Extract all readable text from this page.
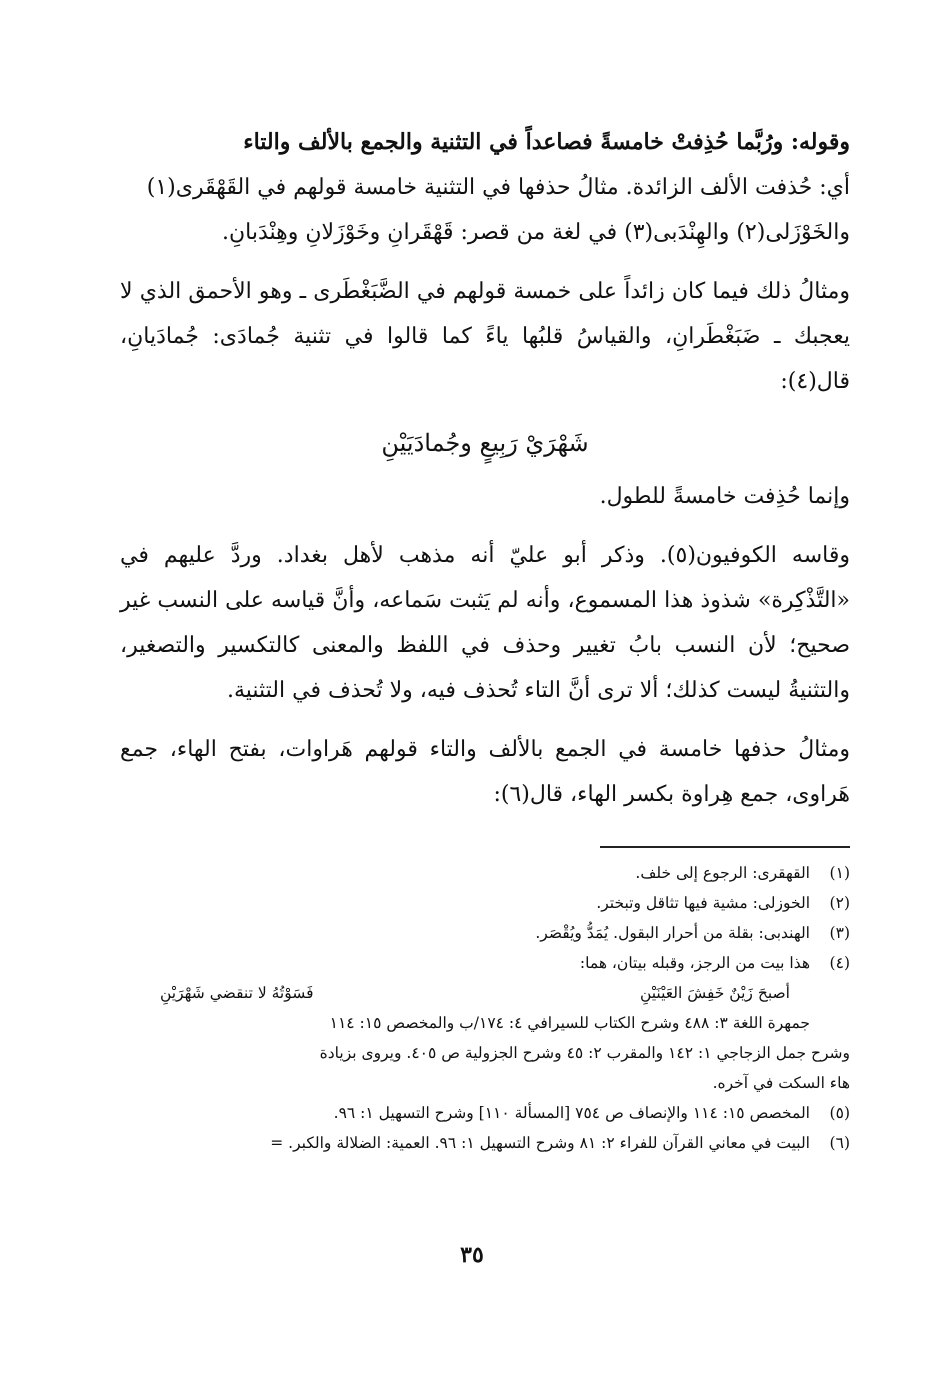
وقوله: ورُبَّما حُذِفتْ خامسةً فصاعداً في التثنية والجمع بالألف والتاء
أي: حُذفت الألف الزائدة. مثالُ حذفها في التثنية خامسة قولهم في القَهْقَرى(١)
والخَوْزَلى(٢) والهِنْدَبى(٣) في لغة من قصر: قَهْقَرانِ وخَوْزَلانِ وهِنْدَبانِ.

ومثالُ ذلك فيما كان زائداً على خمسة قولهم في الضَّبَغْطَرى ـ وهو الأحمق الذي لا يعجبك ـ ضَبَغْطَرانِ، والقياسُ قلبُها ياءً كما قالوا في تثنية جُمادَى: جُمادَيانِ، قال(٤):

شَهْرَيْ رَبِيعٍ وجُمادَيَيْنِ

وإنما حُذِفت خامسةً للطول.

وقاسه الكوفيون(٥). وذكر أبو عليّ أنه مذهب لأهل بغداد. وردَّ عليهم في «التَّذْكِرة» شذوذ هذا المسموع، وأنه لم يَثبت سَماعه، وأنَّ قياسه على النسب غير صحيح؛ لأن النسب بابُ تغيير وحذف في اللفظ والمعنى كالتكسير والتصغير، والتثنيةُ ليست كذلك؛ ألا ترى أنَّ التاء تُحذف فيه، ولا تُحذف في التثنية.

ومثالُ حذفها خامسة في الجمع بالألف والتاء قولهم هَراوات، بفتح الهاء، جمع هَراوى، جمع هِراوة بكسر الهاء، قال(٦):

(١)
القهقرى: الرجوع إلى خلف.
(٢)
الخوزلى: مشية فيها تثاقل وتبختر.
(٣)
الهندبى: بقلة من أحرار البقول. يُمَدُّ ويُقْصَر.
(٤)
هذا بيت من الرجز، وقبله بيتان، هما:
أصبحَ زَيْنٌ خَفِشَ العَيْنَيْنِ
فَسَوْتُهُ لا تنقضي شَهْرَيْنِ
جمهرة اللغة ٣: ٤٨٨ وشرح الكتاب للسيرافي ٤: ١٧٤/ب والمخصص ١٥: ١١٤
وشرح جمل الزجاجي ١: ١٤٢ والمقرب ٢: ٤٥ وشرح الجزولية ص ٤٠٥. ويروى بزيادة
هاء السكت في آخره.
(٥)
المخصص ١٥: ١١٤ والإنصاف ص ٧٥٤ [المسألة ١١٠] وشرح التسهيل ١: ٩٦.
(٦)
البيت في معاني القرآن للفراء ٢: ٨١ وشرح التسهيل ١: ٩٦. العمية: الضلالة والكبر. =
٣٥
